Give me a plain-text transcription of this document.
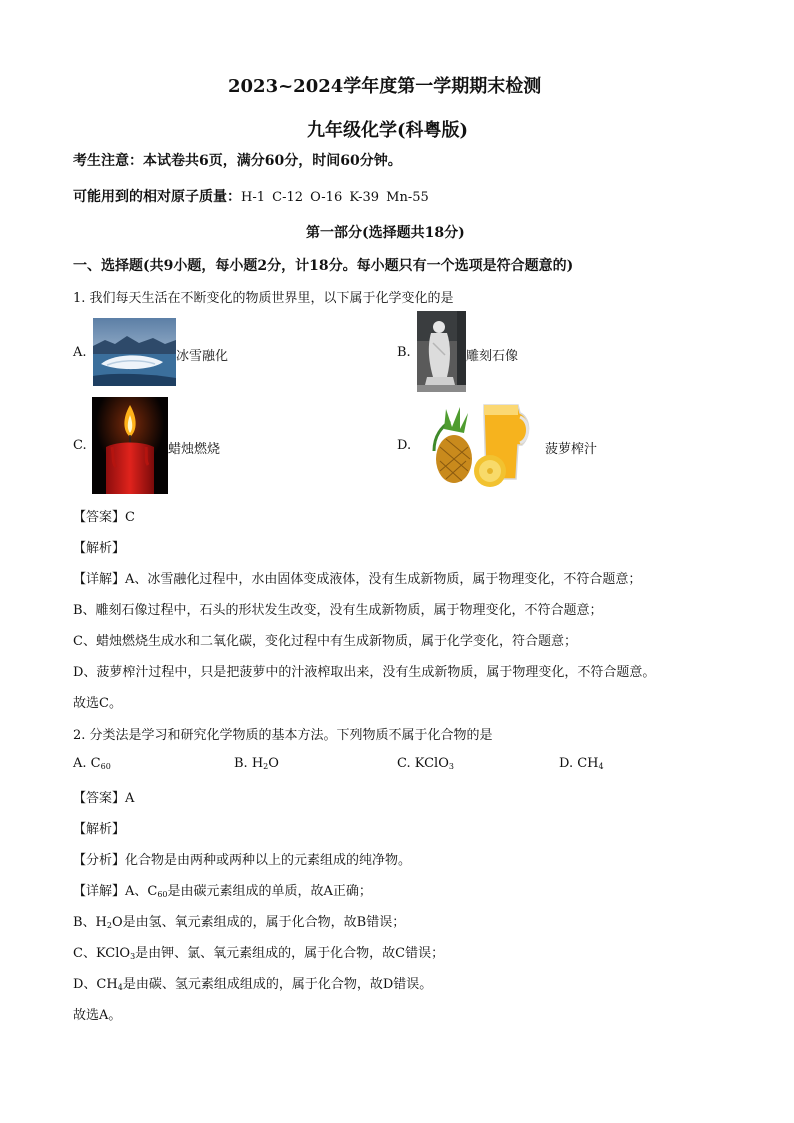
2023~2024学年度第一学期期末检测
九年级化学(科粤版)
考生注意：本试卷共6页，满分60分，时间60分钟。
可能用到的相对原子质量：H-1 C-12 O-16 K-39 Mn-55
第一部分(选择题共18分)
一、选择题(共9小题，每小题2分，计18分。每小题只有一个选项是符合题意的)
1. 我们每天生活在不断变化的物质世界里，以下属于化学变化的是
A.	冰雪融化	B.	雕刻石像
C.	蜡烛燃烧	D.	菠萝榨汁
【答案】C
【解析】
【详解】A、冰雪融化过程中，水由固体变成液体，没有生成新物质，属于物理变化，不符合题意；
B、雕刻石像过程中，石头的形状发生改变，没有生成新物质，属于物理变化，不符合题意；
C、蜡烛燃烧生成水和二氧化碳，变化过程中有生成新物质，属于化学变化，符合题意；
D、菠萝榨汁过程中，只是把菠萝中的汁液榨取出来，没有生成新物质，属于物理变化，不符合题意。
故选C。
2. 分类法是学习和研究化学物质的基本方法。下列物质不属于化合物的是
A. $C_{60}$	B. $H_2O$	C. KClO$_3$	D. $CH_4$
【答案】A
【解析】
【分析】化合物是由两种或两种以上的元素组成的纯净物。
【详解】A、$C_{60}$是由碳元素组成的单质，故A正确；
B、$H_2O$是由氢、氧元素组成的，属于化合物，故B错误；
C、KClO$_3$是由钾、氯、氧元素组成的，属于化合物，故C错误；
D、$CH_4$是由碳、氢元素组成组成的，属于化合物，故D错误。
故选A。
